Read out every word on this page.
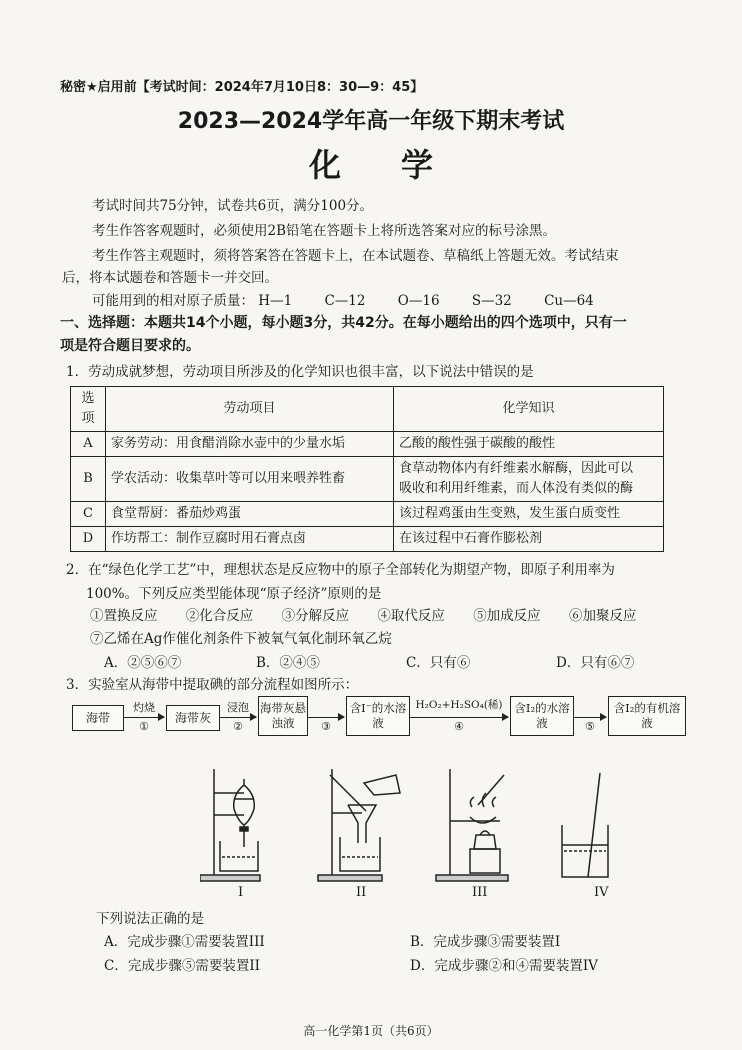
秘密★启用前【考试时间：2024年7月10日8：30—9：45】
2023—2024学年高一年级下期末考试
化学
考试时间共75分钟，试卷共6页，满分100分。
考生作答客观题时，必须使用2B铅笔在答题卡上将所选答案对应的标号涂黑。
考生作答主观题时，须将答案答在答题卡上，在本试题卷、草稿纸上答题无效。考试结束
后，将本试题卷和答题卡一并交回。
可能用到的相对原子质量： H—1 C—12 O—16 S—32 Cu—64
一、选择题：本题共14个小题，每小题3分，共42分。在每小题给出的四个选项中，只有一
项是符合题目要求的。
1．劳动成就梦想，劳动项目所涉及的化学知识也很丰富，以下说法中错误的是
选项	劳动项目	化学知识
A	家务劳动：用食醋消除水壶中的少量水垢	乙酸的酸性强于碳酸的酸性
B	学农活动：收集草叶等可以用来喂养牲畜	食草动物体内有纤维素水解酶，因此可以
吸收和利用纤维素，而人体没有类似的酶
C	食堂帮厨：番茄炒鸡蛋	该过程鸡蛋由生变熟，发生蛋白质变性
D	作坊帮工：制作豆腐时用石膏点卤	在该过程中石膏作膨松剂
2．在“绿色化学工艺”中，理想状态是反应物中的原子全部转化为期望产物，即原子利用率为
100%。下列反应类型能体现“原子经济”原则的是
①置换反应 ②化合反应 ③分解反应 ④取代反应 ⑤加成反应 ⑥加聚反应
⑦乙烯在Ag作催化剂条件下被氧气氧化制环氧乙烷
A．②⑤⑥⑦	B．②④⑤	C．只有⑥	D．只有⑥⑦
3．实验室从海带中提取碘的部分流程如图所示：
海带
灼烧
①
海带灰
浸泡
②
海带灰悬浊液	③
含I⁻的水溶液
H₂O₂+H₂SO₄(稀)
④
含I₂的水溶液	⑤
含I₂的有机溶液
I	II	III	IV
下列说法正确的是
A．完成步骤①需要装置III	B．完成步骤③需要装置I
C．完成步骤⑤需要装置II	D．完成步骤②和④需要装置IV
高一化学第1页（共6页）
